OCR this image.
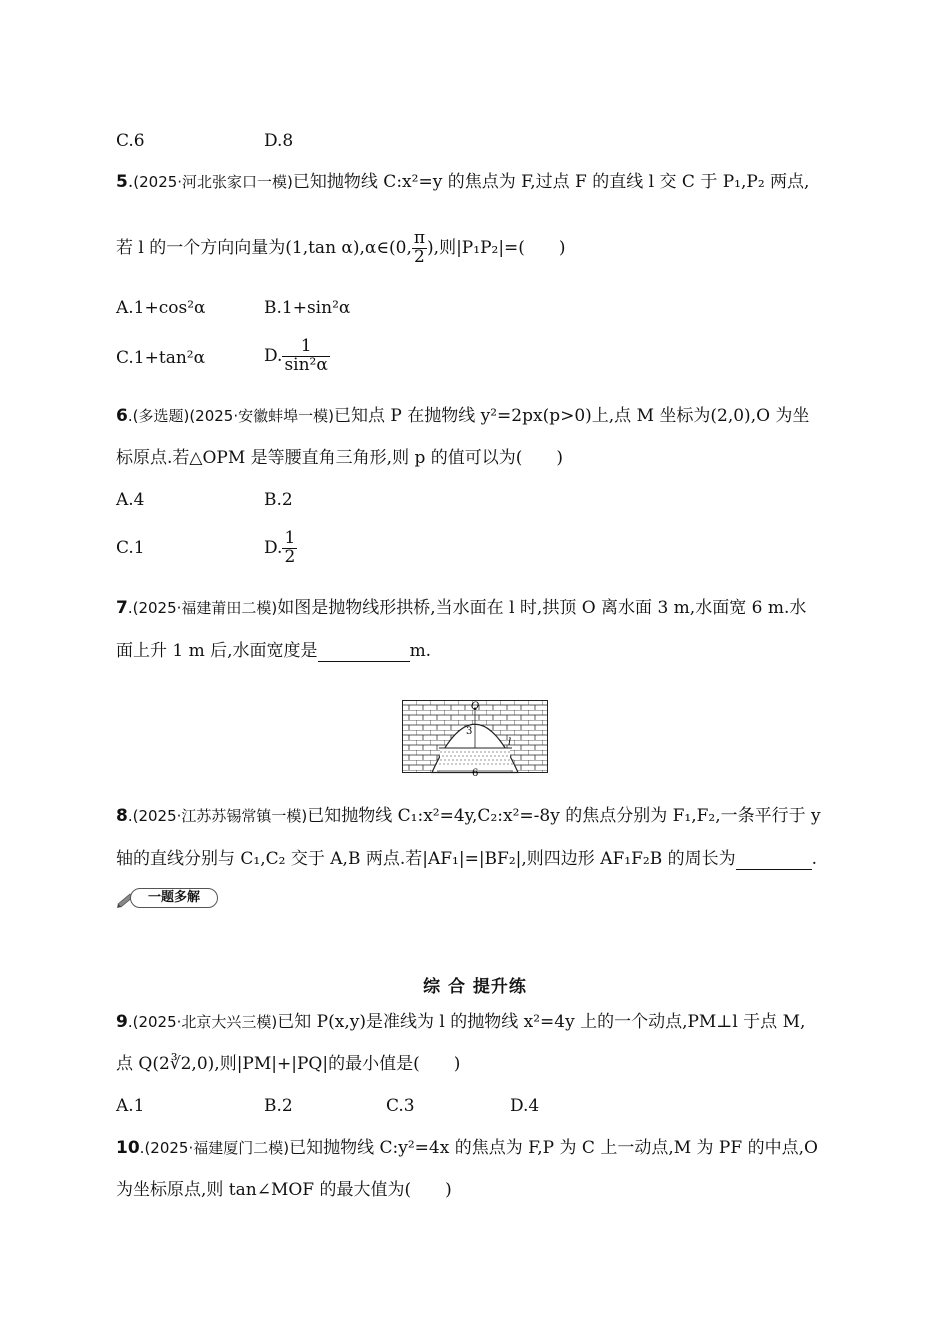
C.6	D.8
5.(2025·河北张家口一模)已知抛物线 C:x²=y 的焦点为 F,过点 F 的直线 l 交 C 于 P₁,P₂ 两点,
若 l 的一个方向向量为(1,tan α),α∈(0, $\frac{\pi}{2}$ ),则|P₁P₂|=(　　)
A.1+cos²α	B.1+sin²α
C.1+tan²α	D. $\frac{1}{\text{sin²α}}$
6.(多选题)(2025·安徽蚌埠一模)已知点 P 在抛物线 y²=2px(p>0)上,点 M 坐标为(2,0),O 为坐
标原点.若△OPM 是等腰直角三角形,则 p 的值可以为(　　)
A.4	B.2
C.1	D. $\frac{1}{2}$
7.(2025·福建莆田二模)如图是抛物线形拱桥,当水面在 l 时,拱顶 O 离水面 3 m,水面宽 6 m.水
面上升 1 m 后,水面宽度是	m.
O
l
3
6
8.(2025·江苏苏锡常镇一模)已知抛物线 C₁:x²=4y,C₂:x²=-8y 的焦点分别为 F₁,F₂,一条平行于 y
轴的直线分别与 C₁,C₂ 交于 A,B 两点.若|AF₁|=|BF₂|,则四边形 AF₁F₂B 的周长为	.
一题多解
综 合 提升练
9.(2025·北京大兴三模)已知 P(x,y)是准线为 l 的抛物线 x²=4y 上的一个动点,PM⊥l 于点 M,
点 Q(2∛2,0),则|PM|+|PQ|的最小值是(　　)
A.1	B.2	C.3	D.4
10.(2025·福建厦门二模)已知抛物线 C:y²=4x 的焦点为 F,P 为 C 上一动点,M 为 PF 的中点,O
为坐标原点,则 tan∠MOF 的最大值为(　　)
